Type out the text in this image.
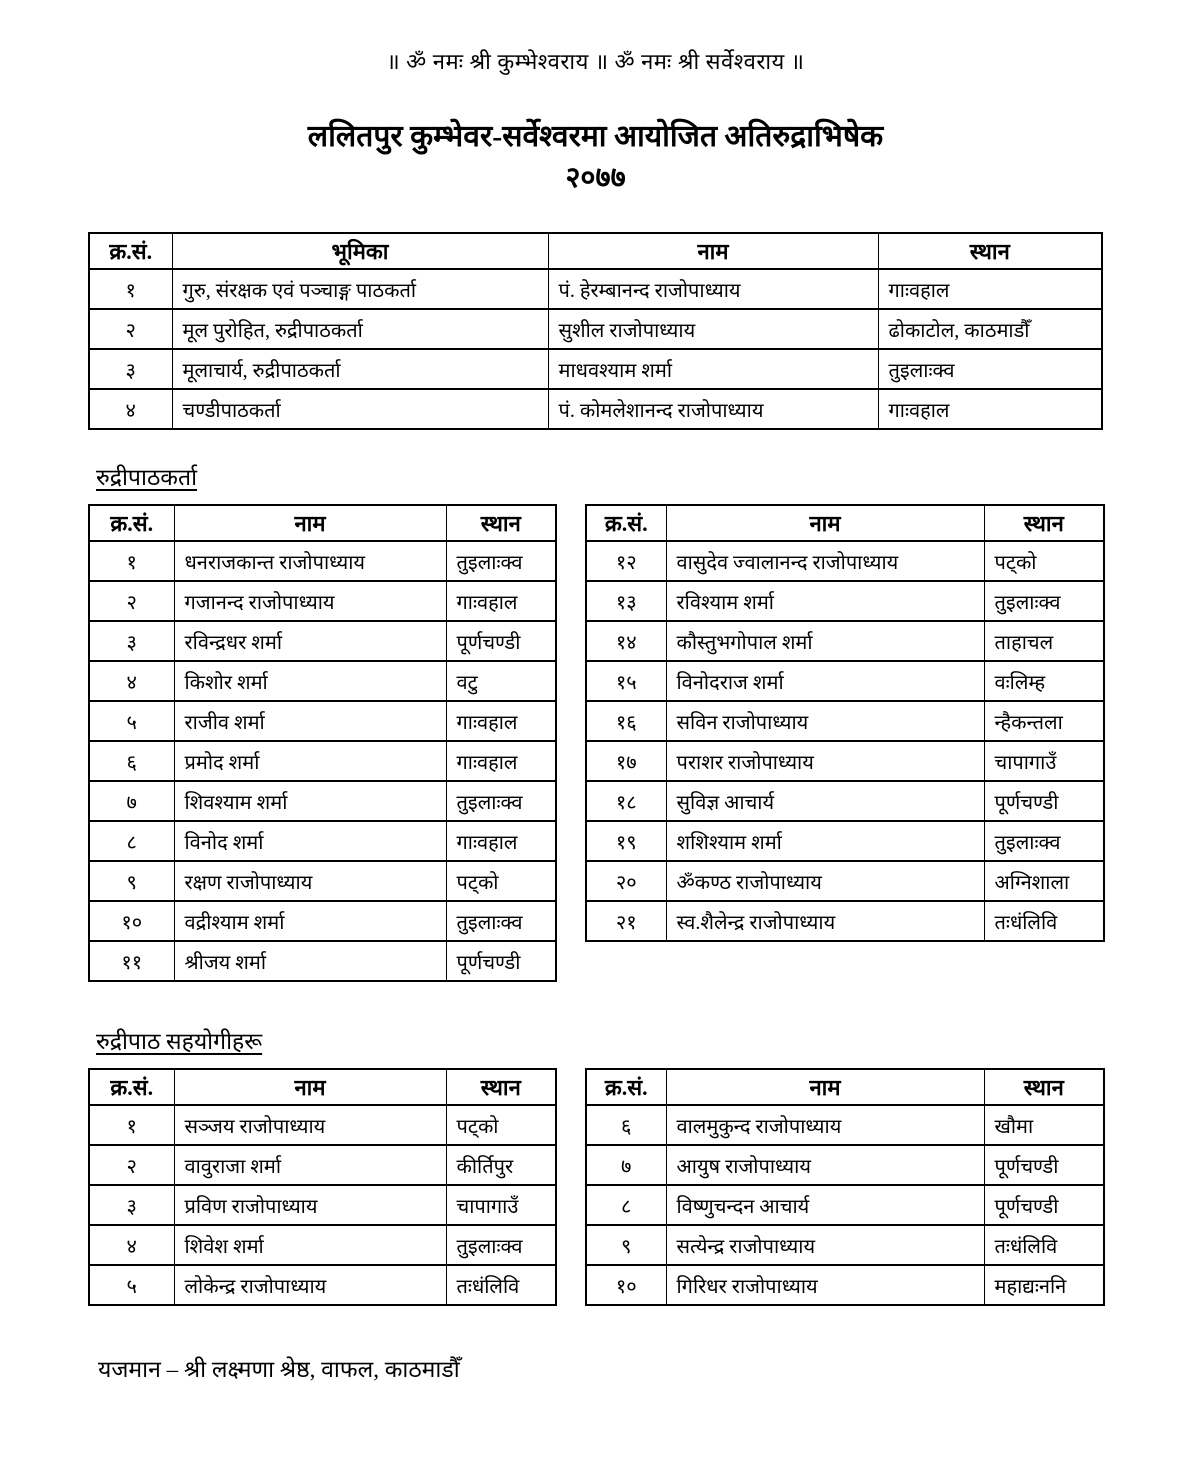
॥ ॐ नमः श्री कुम्भेश्वराय ॥ ॐ नमः श्री सर्वेश्वराय ॥
ललितपुर कुम्भेवर-सर्वेश्वरमा आयोजित अतिरुद्राभिषेक
२०७७
क्र.सं.	भूमिका	नाम	स्थान
१	गुरु, संरक्षक एवं पञ्चाङ्ग पाठकर्ता	पं. हेरम्बानन्द राजोपाध्याय	गाःवहाल
२	मूल पुरोहित, रुद्रीपाठकर्ता	सुशील राजोपाध्याय	ढोकाटोल, काठमाडौँ
३	मूलाचार्य, रुद्रीपाठकर्ता	माधवश्याम शर्मा	तुइलाःक्व
४	चण्डीपाठकर्ता	पं. कोमलेशानन्द राजोपाध्याय	गाःवहाल
रुद्रीपाठकर्ता
क्र.सं.	नाम	स्थान
१	धनराजकान्त राजोपाध्याय	तुइलाःक्व
२	गजानन्द राजोपाध्याय	गाःवहाल
३	रविन्द्रधर शर्मा	पूर्णचण्डी
४	किशोर शर्मा	वटु
५	राजीव शर्मा	गाःवहाल
६	प्रमोद शर्मा	गाःवहाल
७	शिवश्याम शर्मा	तुइलाःक्व
८	विनोद शर्मा	गाःवहाल
९	रक्षण राजोपाध्याय	पट्को
१०	वद्रीश्याम शर्मा	तुइलाःक्व
११	श्रीजय शर्मा	पूर्णचण्डी
क्र.सं.	नाम	स्थान
१२	वासुदेव ज्वालानन्द राजोपाध्याय	पट्को
१३	रविश्याम शर्मा	तुइलाःक्व
१४	कौस्तुभगोपाल शर्मा	ताहाचल
१५	विनोदराज शर्मा	वःलिम्ह
१६	सविन राजोपाध्याय	न्हैकन्तला
१७	पराशर राजोपाध्याय	चापागाउँ
१८	सुविज्ञ आचार्य	पूर्णचण्डी
१९	शशिश्याम शर्मा	तुइलाःक्व
२०	ॐकण्ठ राजोपाध्याय	अग्निशाला
२१	स्व.शैलेन्द्र राजोपाध्याय	तःधंलिवि
रुद्रीपाठ सहयोगीहरू
क्र.सं.	नाम	स्थान
१	सञ्जय राजोपाध्याय	पट्को
२	वावुराजा शर्मा	कीर्तिपुर
३	प्रविण राजोपाध्याय	चापागाउँ
४	शिवेश शर्मा	तुइलाःक्व
५	लोकेन्द्र राजोपाध्याय	तःधंलिवि
क्र.सं.	नाम	स्थान
६	वालमुकुन्द राजोपाध्याय	खौमा
७	आयुष राजोपाध्याय	पूर्णचण्डी
८	विष्णुचन्दन आचार्य	पूर्णचण्डी
९	सत्येन्द्र राजोपाध्याय	तःधंलिवि
१०	गिरिधर राजोपाध्याय	महाद्यःननि
यजमान – श्री लक्ष्मणा श्रेष्ठ, वाफल, काठमाडौँ
